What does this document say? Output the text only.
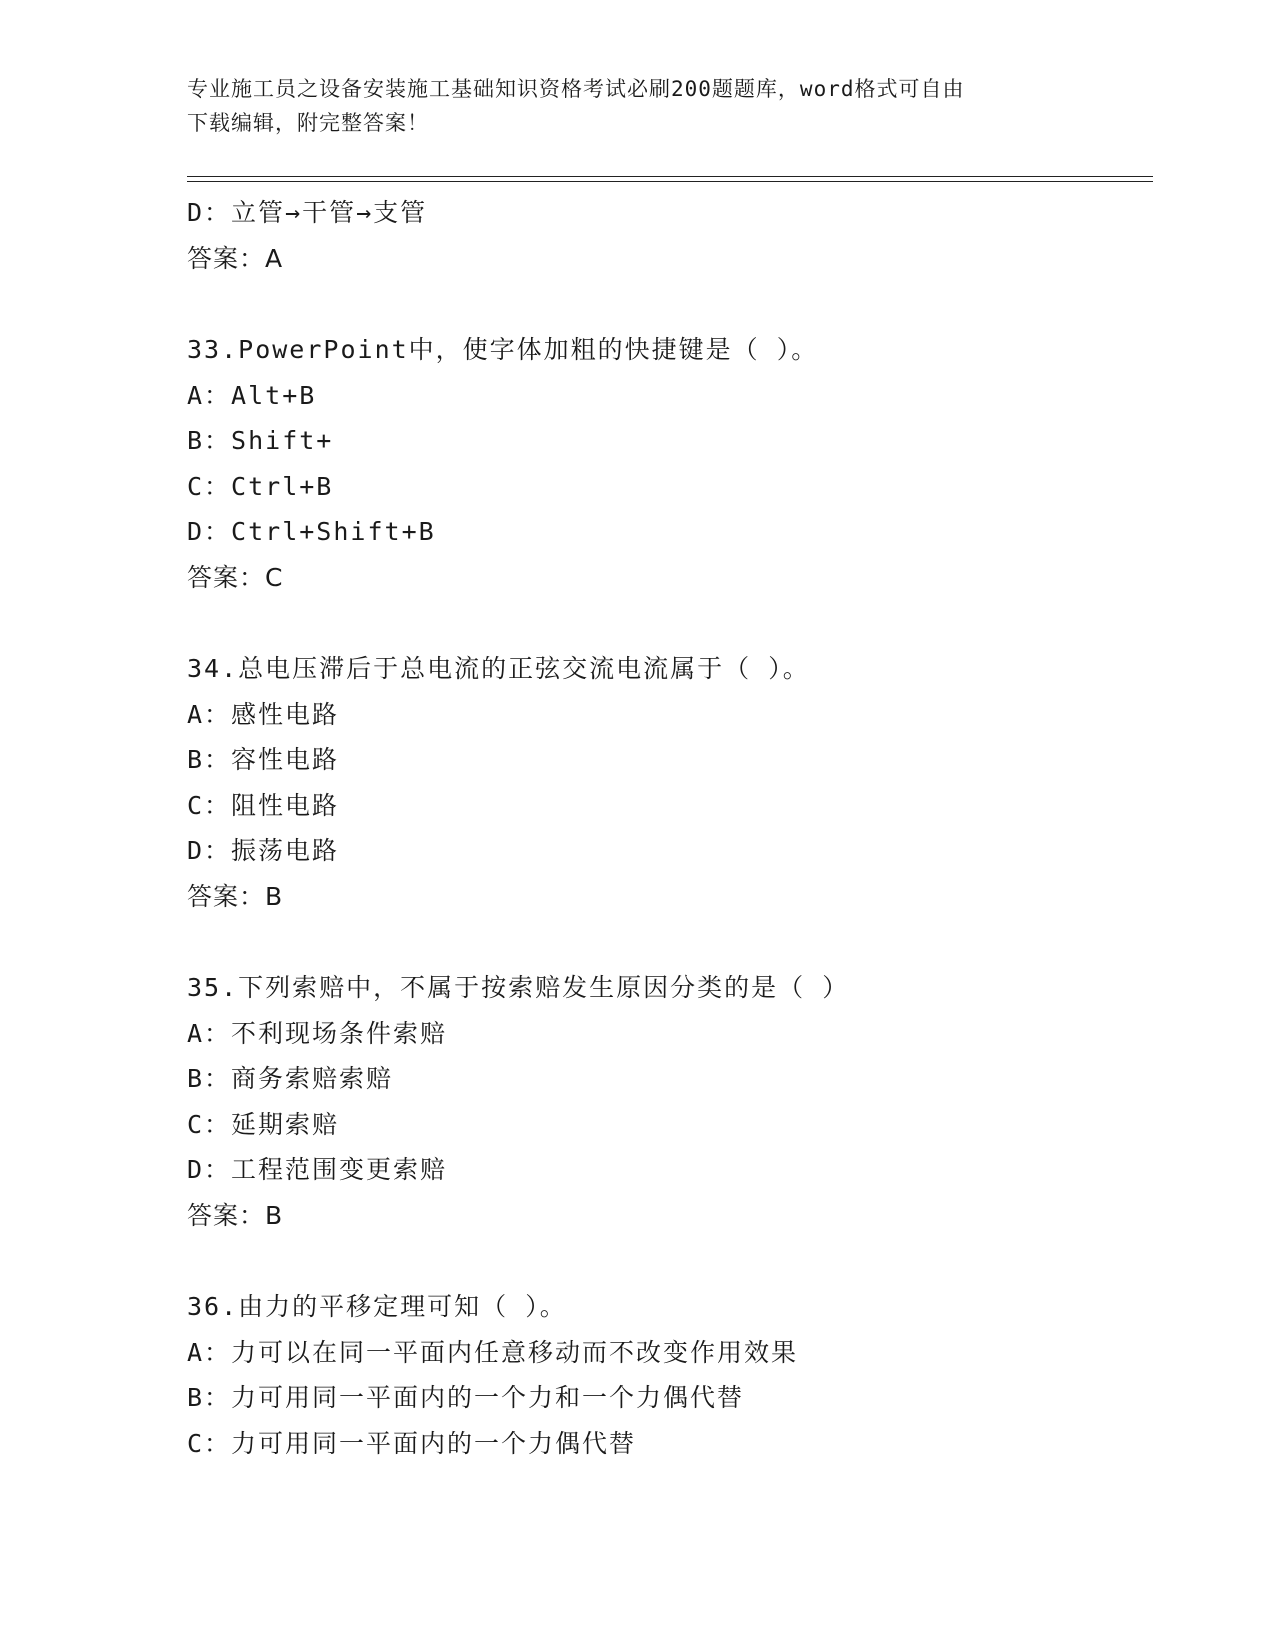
专业施工员之设备安装施工基础知识资格考试必刷200题题库，word格式可自由
下载编辑，附完整答案！
D：立管→干管→支管
答案：A
33.PowerPoint中，使字体加粗的快捷键是（ ）。
A：Alt+B
B：Shift+
C：Ctrl+B
D：Ctrl+Shift+B
答案：C
34.总电压滞后于总电流的正弦交流电流属于（ ）。
A：感性电路
B：容性电路
C：阻性电路
D：振荡电路
答案：B
35.下列索赔中，不属于按索赔发生原因分类的是（ ）
A：不利现场条件索赔
B：商务索赔索赔
C：延期索赔
D：工程范围变更索赔
答案：B
36.由力的平移定理可知（ ）。
A：力可以在同一平面内任意移动而不改变作用效果
B：力可用同一平面内的一个力和一个力偶代替
C：力可用同一平面内的一个力偶代替
